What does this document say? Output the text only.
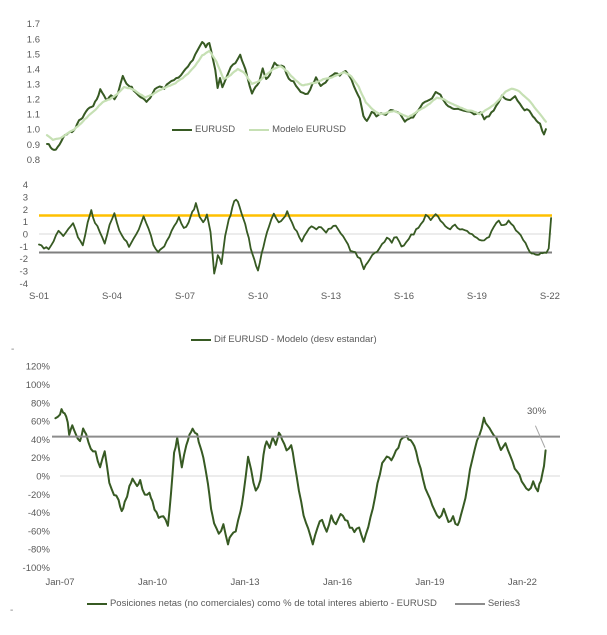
1.7
1.6
1.5
1.4
1.3
1.2
1.1
1.0
0.9
0.8
4
3
2
1
0
-1
-2
-3
-4
S-01	S-04	S-07	S-10	S-13	S-16	S-19	S-22
120%
100%
80%
60%
40%
20%
0%
-20%
-40%
-60%
-80%
-100%
Jan-07	Jan-10	Jan-13	Jan-16	Jan-19	Jan-22
-
-
EURUSD	Modelo EURUSD
Dif EURUSD - Modelo (desv estandar)
Posiciones netas (no comerciales) como % de total interes abierto - EURUSD	Series3
30%
